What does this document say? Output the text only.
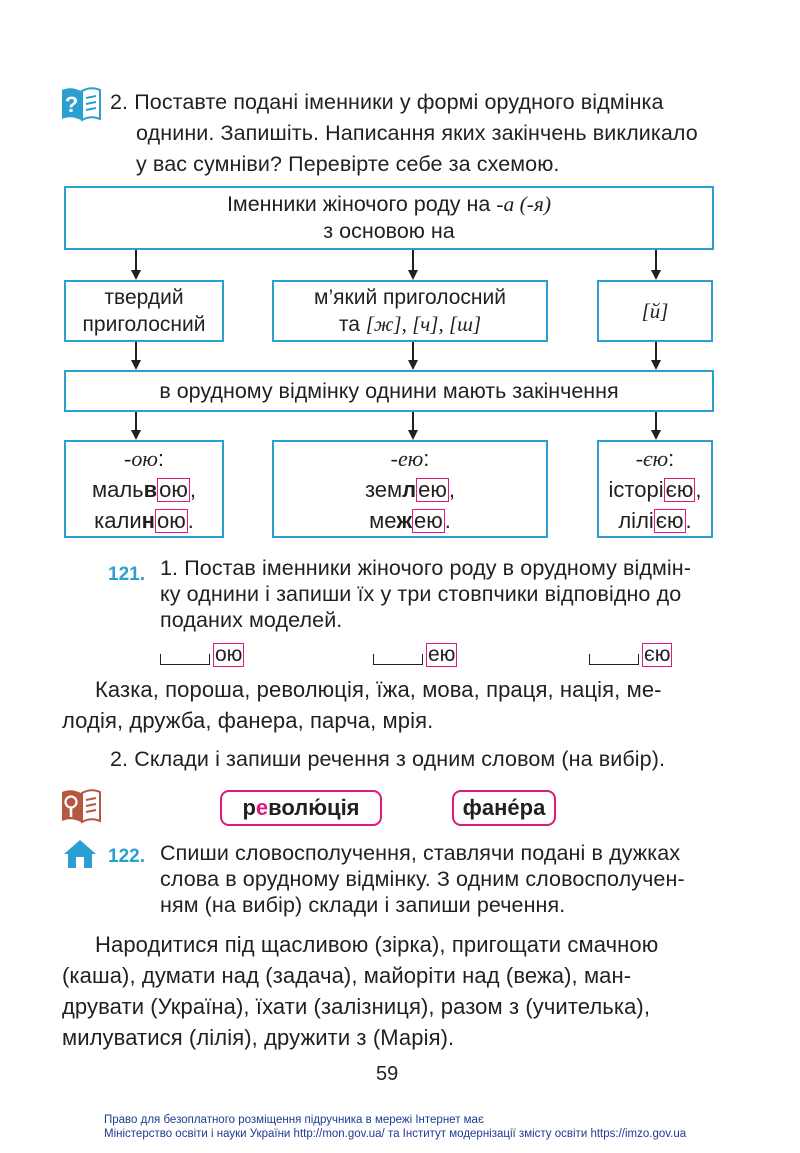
? 2. Поставте подані іменники у формі орудного відмінка
однини. Запишіть. Написання яких закінчень викликало
у вас сумніви? Перевірте себе за схемою.
Іменники жіночого роду на -а (-я)
з основою на
твердий
приголосний
м’який приголосний
та [ж], [ч], [ш]
[й]
в орудному відмінку однини мають закінчення
-ою:
мальвою,
калиною.
-ею:
землею,
межею.
-єю:
історією,
лілією.
121. 1. Постав іменники жіночого роду в орудному відмін-
ку однини і запиши їх у три стовпчики відповідно до
поданих моделей.
ою	ею	єю
Казка, пороша, революція, їжа, мова, праця, нація, ме-
лодія, дружба, фанера, парча, мрія.
2. Склади і запиши речення з одним словом (на вибір).
р е волю́ція	фане́ра
122. Спиши словосполучення, ставлячи подані в дужках
слова в орудному відмінку. З одним словосполучен-
ням (на вибір) склади і запиши речення.
Народитися під щасливою (зірка), пригощати смачною
(каша), думати над (задача), майоріти над (вежа), ман-
друвати (Україна), їхати (залізниця), разом з (учителька),
милуватися (лілія), дружити з (Марія).
59
Право для безоплатного розміщення підручника в мережі Інтернет має
Міністерство освіти і науки України http://mon.gov.ua/ та Інститут модернізації змісту освіти https://imzo.gov.ua
